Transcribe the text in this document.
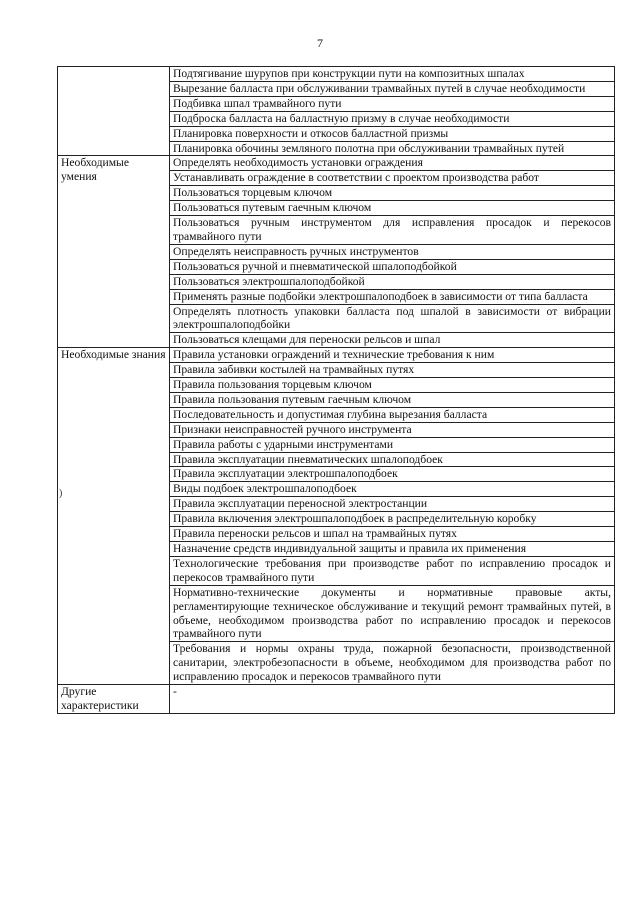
7
	Подтягивание шурупов при конструкции пути на композитных шпалах
	Вырезание балласта при обслуживании трамвайных путей в случае необходимости
	Подбивка шпал трамвайного пути
	Подброска балласта на балластную призму в случае необходимости
	Планировка поверхности и откосов балластной призмы
	Планировка обочины земляного полотна при обслуживании трамвайных путей
Необходимые умения	Определять необходимость установки ограждения
	Устанавливать ограждение в соответствии с проектом производства работ
	Пользоваться торцевым ключом
	Пользоваться путевым гаечным ключом
	Пользоваться ручным инструментом для исправления просадок и перекосов трамвайного пути
	Определять неисправность ручных инструментов
	Пользоваться ручной и пневматической шпалоподбойкой
	Пользоваться электрошпалоподбойкой
	Применять разные подбойки электрошпалоподбоек в зависимости от типа балласта
	Определять плотность упаковки балласта под шпалой в зависимости от вибрации электрошпалоподбойки
	Пользоваться клещами для переноски рельсов и шпал
Необходимые знания	Правила установки ограждений и технические требования к ним
	Правила забивки костылей на трамвайных путях
	Правила пользования торцевым ключом
	Правила пользования путевым гаечным ключом
	Последовательность и допустимая глубина вырезания балласта
	Признаки неисправностей ручного инструмента
	Правила работы с ударными инструментами
	Правила эксплуатации пневматических шпалоподбоек
	Правила эксплуатации электрошпалоподбоек
	Виды подбоек электрошпалоподбоек
	Правила эксплуатации переносной электростанции
	Правила включения электрошпалоподбоек в распределительную коробку
	Правила переноски рельсов и шпал на трамвайных путях
	Назначение средств индивидуальной защиты и правила их применения
	Технологические требования при производстве работ по исправлению просадок и перекосов трамвайного пути
	Нормативно-технические документы и нормативные правовые акты, регламентирующие техническое обслуживание и текущий ремонт трамвайных путей, в объеме, необходимом производства работ по исправлению просадок и перекосов трамвайного пути
	Требования и нормы охраны труда, пожарной безопасности, производственной санитарии, электробезопасности в объеме, необходимом для производства работ по исправлению просадок и перекосов трамвайного пути
Другие характеристики	-
)
